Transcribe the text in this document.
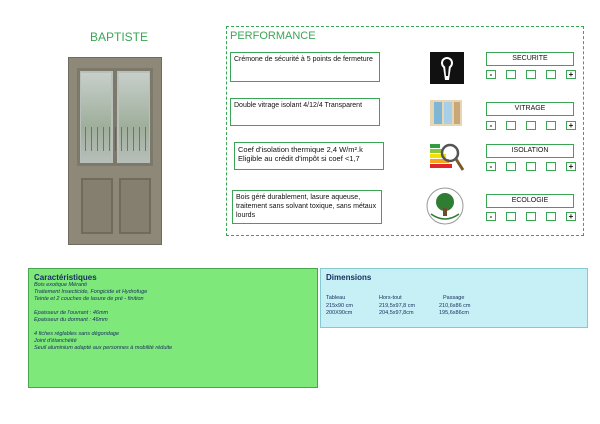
BAPTISTE	PERFORMANCE
Crémone de sécurité à 5 points de fermeture
Double vitrage isolant 4/12/4 Transparent
Coef d'isolation thermique 2,4 W/m².k Eligible au crédit d'impôt si coef <1,7
Bois géré durablement, lasure aqueuse, traitement sans solvant toxique, sans métaux lourds
SECURITE
VITRAGE
ISOLATION
ECOLOGIE
-	+
-	+
-	+
-	+
Caractéristiques
Bois exotique Méranti
Traitement Insecticide, Fongicide et Hydrofuge
Teinte et 2 couches de lasure de pré - finition

Epaisseur de l'ouvrant : 46mm
Epaisseur du dormant : 46mm

4 fiches réglables sans dégondage
Joint d'étanchéité
Seuil aluminium adapté aux personnes à mobilité réduite
Dimensions
Tableau	Hors-tout	Passage
215x90 cm	219,5x97,8 cm	210,6x86 cm
200X90cm	204,5x97,8cm	195,6x86cm
